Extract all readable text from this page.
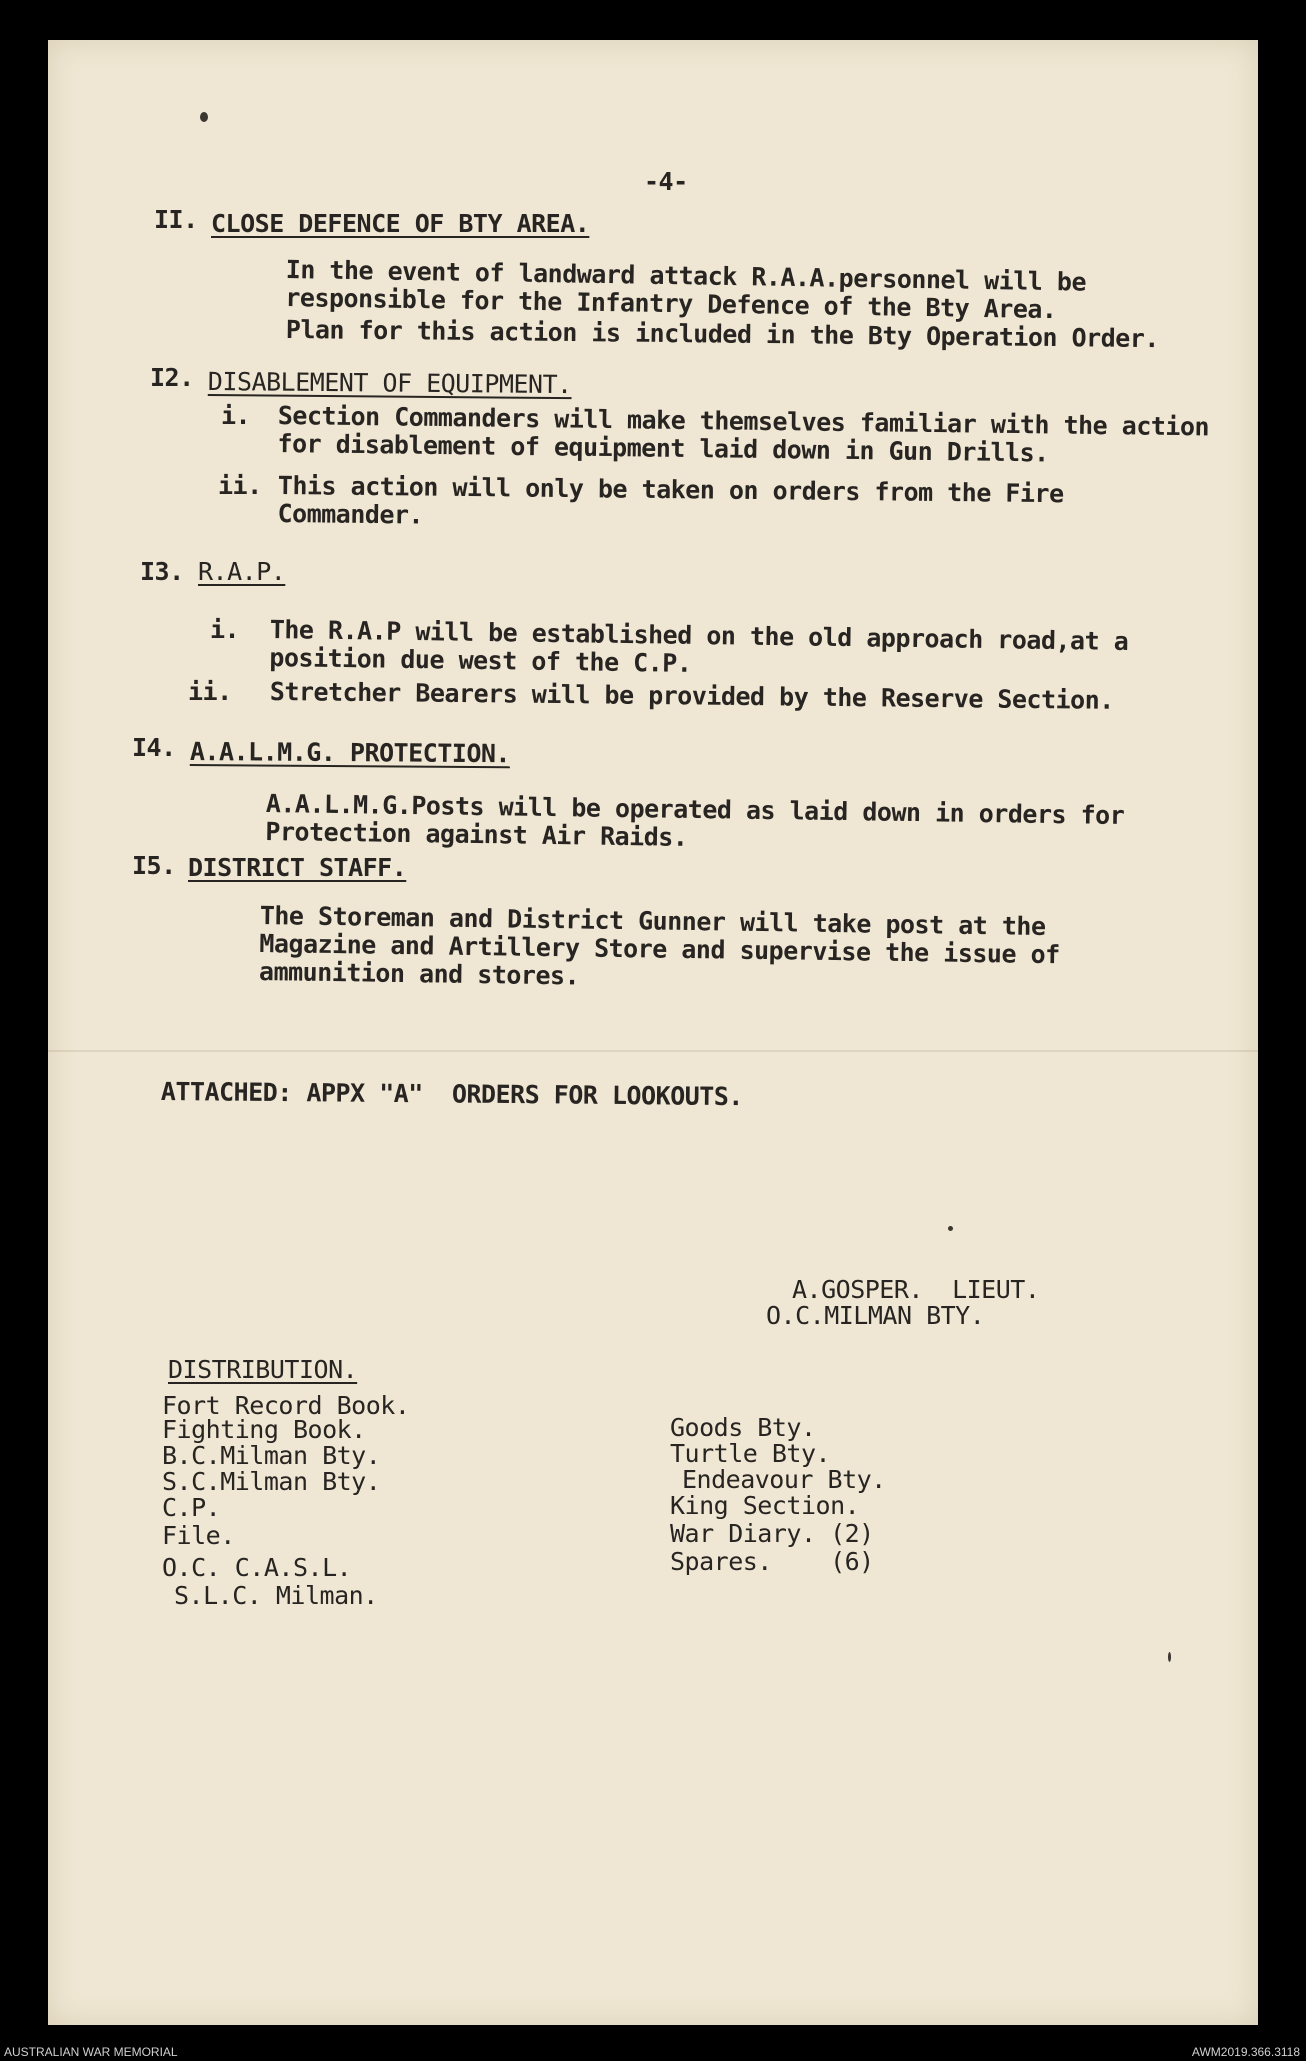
-4-
II. CLOSE DEFENCE OF BTY AREA.
In the event of landward attack R.A.A.personnel will be
responsible for the Infantry Defence of the Bty Area.
Plan for this action is included in the Bty Operation Order.
I2. DISABLEMENT OF EQUIPMENT.
i. Section Commanders will make themselves familiar with the action
for disablement of equipment laid down in Gun Drills.
ii. This action will only be taken on orders from the Fire
Commander.
I3. R.A.P.
i. The R.A.P will be established on the old approach road,at a
position due west of the C.P.
ii. Stretcher Bearers will be provided by the Reserve Section.
I4. A.A.L.M.G. PROTECTION.
A.A.L.M.G.Posts will be operated as laid down in orders for
Protection against Air Raids.
I5. DISTRICT STAFF.
The Storeman and District Gunner will take post at the
Magazine and Artillery Store and supervise the issue of
ammunition and stores.
ATTACHED: APPX "A"  ORDERS FOR LOOKOUTS.
A.GOSPER.  LIEUT.
O.C.MILMAN BTY.
DISTRIBUTION.
Fort Record Book.
Fighting Book.
B.C.Milman Bty.
S.C.Milman Bty.
C.P.
File.
O.C. C.A.S.L.
S.L.C. Milman.
Goods Bty.
Turtle Bty.
Endeavour Bty.
King Section.
War Diary. (2)
Spares.    (6)
AUSTRALIAN WAR MEMORIAL	AWM2019.366.3118
